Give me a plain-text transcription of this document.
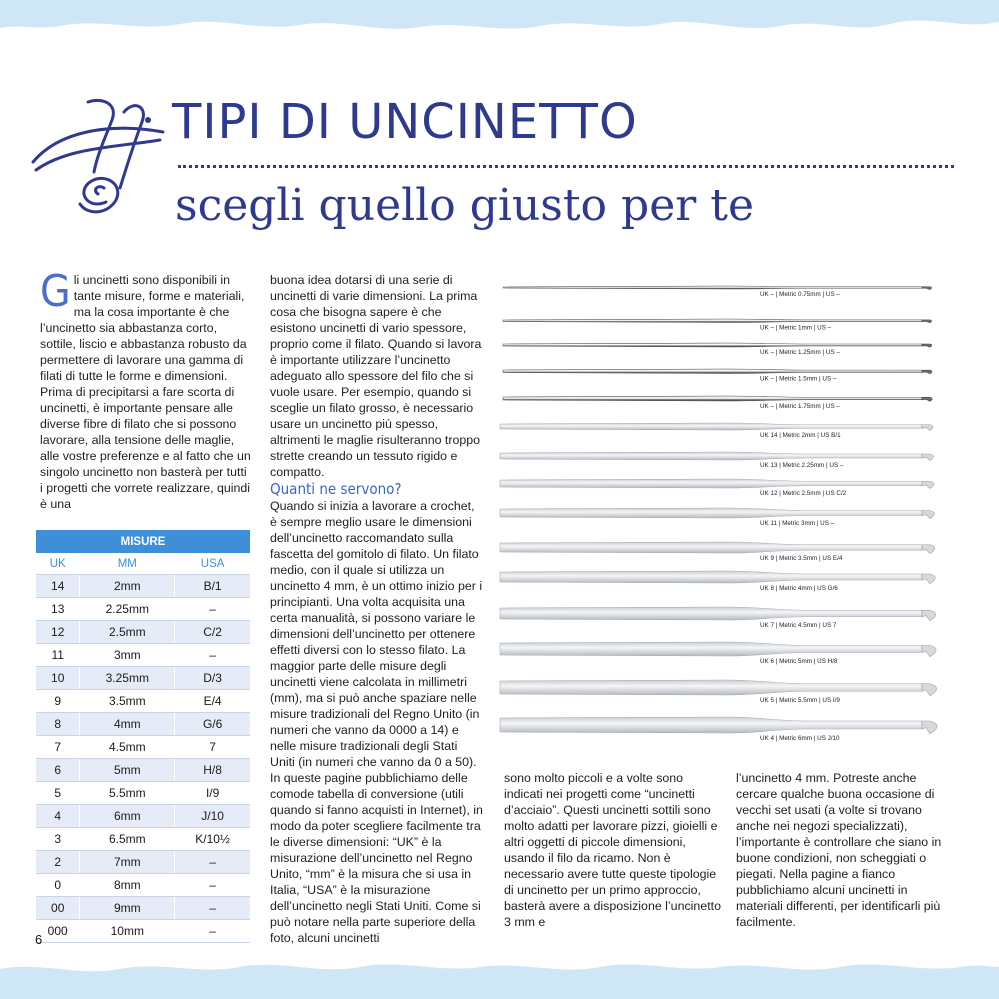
TIPI DI UNCINETTO
scegli quello giusto per te
G li uncinetti sono disponibili in tante misure, forme e materiali, ma la cosa importante è che l’uncinetto sia abbastanza corto, sottile, liscio e abbastanza robusto da permettere di lavorare una gamma di filati di tutte le forme e dimensioni. Prima di precipitarsi a fare scorta di uncinetti, è importante pensare alle diverse fibre di filato che si possono lavorare, alla tensione delle maglie, alle vostre preferenze e al fatto che un singolo uncinetto non basterà per tutti i progetti che vorrete realizzare, quindi è una

MISURE		
UK	MM	USA
14	2mm	B/1
13	2.25mm	–
12	2.5mm	C/2
11	3mm	–
10	3.25mm	D/3
9	3.5mm	E/4
8	4mm	G/6
7	4.5mm	7
6	5mm	H/8
5	5.5mm	I/9
4	6mm	J/10
3	6.5mm	K/10½
2	7mm	–
0	8mm	–
00	9mm	–
000	10mm	–

buona idea dotarsi di una serie di uncinetti di varie dimensioni. La prima cosa che bisogna sapere è che esistono uncinetti di vario spessore, proprio come il filato. Quando si lavora è importante utilizzare l’uncinetto adeguato allo spessore del filo che si vuole usare. Per esempio, quando si sceglie un filato grosso, è necessario usare un uncinetto più spesso, altrimenti le maglie risulteranno troppo strette creando un tessuto rigido e compatto.

Quanti ne servono?

Quando si inizia a lavorare a crochet, è sempre meglio usare le dimensioni dell’uncinetto raccomandato sulla fascetta del gomitolo di filato. Un filato medio, con il quale si utilizza un uncinetto 4 mm, è un ottimo inizio per i principianti. Una volta acquisita una certa manualità, si possono variare le dimensioni dell’uncinetto per ottenere effetti diversi con lo stesso filato. La maggior parte delle misure degli uncinetti viene calcolata in millimetri (mm), ma si può anche spaziare nelle misure tradizionali del Regno Unito (in numeri che vanno da 0000 a 14) e nelle misure tradizionali degli Stati Uniti (in numeri che vanno da 0 a 50). In queste pagine pubblichiamo delle comode tabella di conversione (utili quando si fanno acquisti in Internet), in modo da poter scegliere facilmente tra le diverse dimensioni: “UK” è la misurazione dell’uncinetto nel Regno Unito, “mm” è la misura che si usa in Italia, “USA” è la misurazione dell’uncinetto negli Stati Uniti. Come si può notare nella parte superiore della foto, alcuni uncinetti

UK – | Metric 0.75mm | US –
UK – | Metric 1mm | US –
UK – | Metric 1.25mm | US –
UK – | Metric 1.5mm | US –
UK – | Metric 1.75mm | US –
UK 14 | Metric 2mm | US B/1
UK 13 | Metric 2.25mm | US –
UK 12 | Metric 2.5mm | US C/2
UK 11 | Metric 3mm | US –
UK 9 | Metric 3.5mm | US E/4
UK 8 | Metric 4mm | US G/6
UK 7 | Metric 4.5mm | US 7
UK 6 | Metric 5mm | US H/8
UK 5 | Metric 5.5mm | US I/9
UK 4 | Metric 6mm | US J/10

sono molto piccoli e a volte sono indicati nei progetti come “uncinetti d’acciaio”. Questi uncinetti sottili sono molto adatti per lavorare pizzi, gioielli e altri oggetti di piccole dimensioni, usando il filo da ricamo. Non è necessario avere tutte queste tipologie di uncinetto per un primo approccio, basterà avere a disposizione l’uncinetto 3 mm e

l’uncinetto 4 mm. Potreste anche cercare qualche buona occasione di vecchi set usati (a volte si trovano anche nei negozi specializzati), l’importante è controllare che siano in buone condizioni, non scheggiati o piegati. Nella pagine a fianco pubblichiamo alcuni uncinetti in materiali differenti, per identificarli più facilmente.

6
